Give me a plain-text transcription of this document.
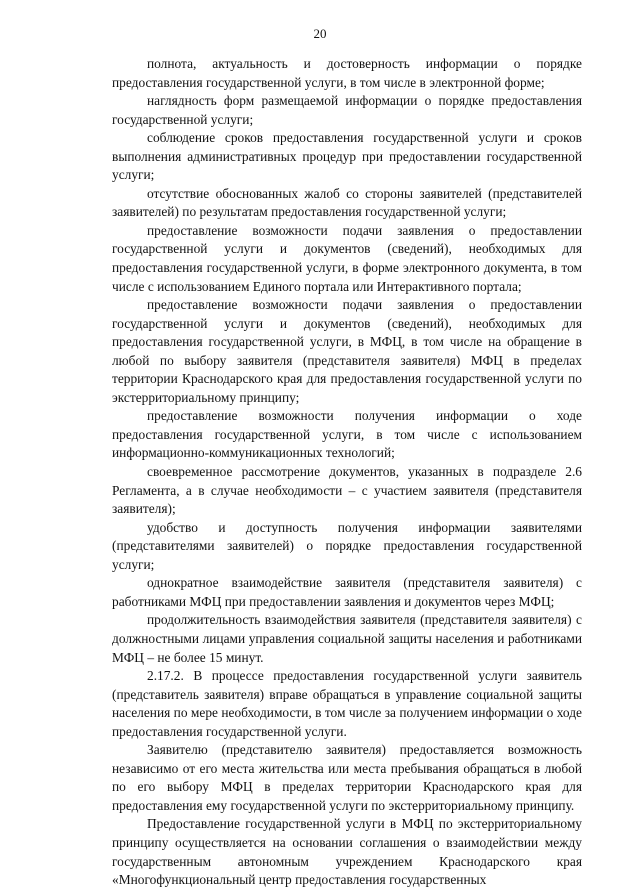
20

полнота, актуальность и достоверность информации о порядке предоставления государственной услуги, в том числе в электронной форме;

наглядность форм размещаемой информации о порядке предоставления государственной услуги;

соблюдение сроков предоставления государственной услуги и сроков выполнения административных процедур при предоставлении государственной услуги;

отсутствие обоснованных жалоб со стороны заявителей (представителей заявителей) по результатам предоставления государственной услуги;

предоставление возможности подачи заявления о предоставлении государственной услуги и документов (сведений), необходимых для предоставления государственной услуги, в форме электронного документа, в том числе с использованием Единого портала или Интерактивного портала;

предоставление возможности подачи заявления о предоставлении государственной услуги и документов (сведений), необходимых для предоставления государственной услуги, в МФЦ, в том числе на обращение в любой по выбору заявителя (представителя заявителя) МФЦ в пределах территории Краснодарского края для предоставления государственной услуги по экстерриториальному принципу;

предоставление возможности получения информации о ходе предоставления государственной услуги, в том числе с использованием информационно-коммуникационных технологий;

своевременное рассмотрение документов, указанных в подразделе 2.6 Регламента, а в случае необходимости – с участием заявителя (представителя заявителя);

удобство и доступность получения информации заявителями (представителями заявителей) о порядке предоставления государственной услуги;

однократное взаимодействие заявителя (представителя заявителя) с работниками МФЦ при предоставлении заявления и документов через МФЦ;

продолжительность взаимодействия заявителя (представителя заявителя) с должностными лицами управления социальной защиты населения и работниками МФЦ – не более 15 минут.

2.17.2. В процессе предоставления государственной услуги заявитель (представитель заявителя) вправе обращаться в управление социальной защиты населения по мере необходимости, в том числе за получением информации о ходе предоставления государственной услуги.

Заявителю (представителю заявителя) предоставляется возможность независимо от его места жительства или места пребывания обращаться в любой по его выбору МФЦ в пределах территории Краснодарского края для предоставления ему государственной услуги по экстерриториальному принципу.

Предоставление государственной услуги в МФЦ по экстерриториальному принципу осуществляется на основании соглашения о взаимодействии между государственным автономным учреждением Краснодарского края «Многофункциональный центр предоставления государственных
